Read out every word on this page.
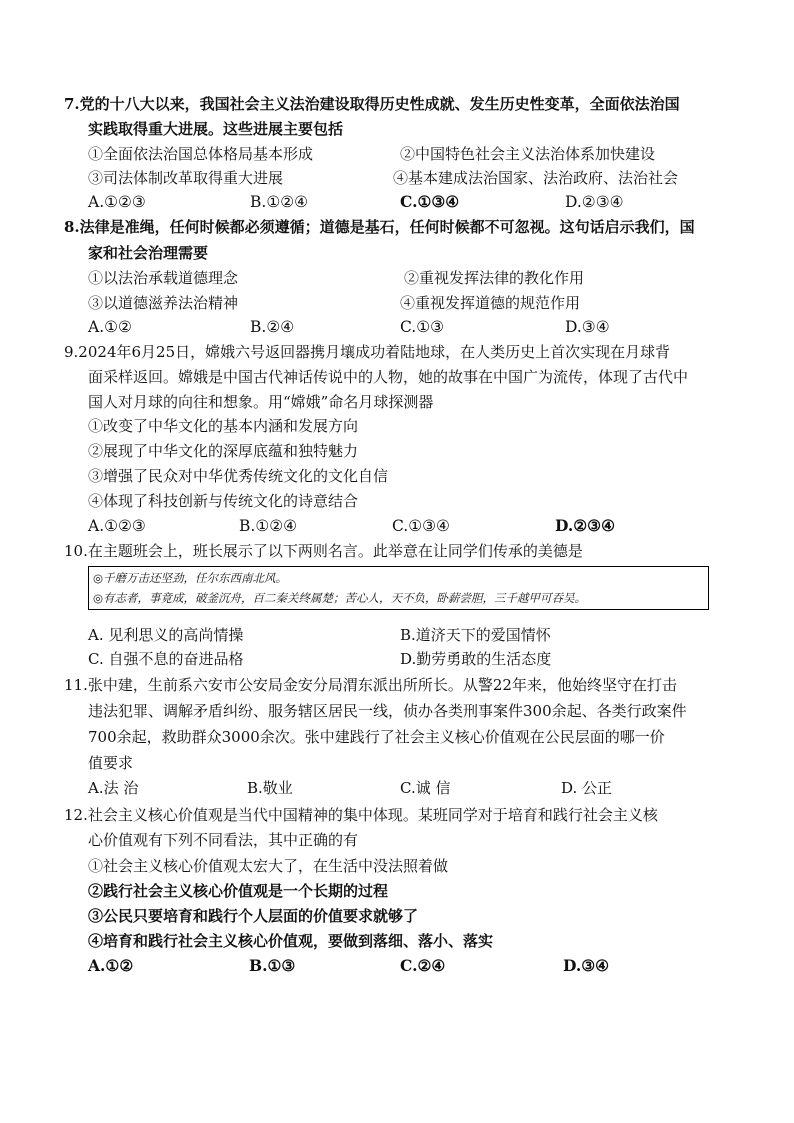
7.党的十八大以来，我国社会主义法治建设取得历史性成就、发生历史性变革，全面依法治国
实践取得重大进展。这些进展主要包括
①全面依法治国总体格局基本形成	②中国特色社会主义法治体系加快建设
③司法体制改革取得重大进展	④基本建成法治国家、法治政府、法治社会
A.①②③	B.①②④	C.①③④	D.②③④
8.法律是准绳，任何时候都必须遵循；道德是基石，任何时候都不可忽视。这句话启示我们，国
家和社会治理需要
①以法治承载道德理念	②重视发挥法律的教化作用
③以道德滋养法治精神	④重视发挥道德的规范作用
A.①②	B.②④	C.①③	D.③④
9.2024年6月25日，嫦娥六号返回器携月壤成功着陆地球，在人类历史上首次实现在月球背
面采样返回。嫦娥是中国古代神话传说中的人物，她的故事在中国广为流传，体现了古代中
国人对月球的向往和想象。用“嫦娥”命名月球探测器
①改变了中华文化的基本内涵和发展方向
②展现了中华文化的深厚底蕴和独特魅力
③增强了民众对中华优秀传统文化的文化自信
④体现了科技创新与传统文化的诗意结合
A.①②③	B.①②④	C.①③④	D.②③④
10.在主题班会上，班长展示了以下两则名言。此举意在让同学们传承的美德是
◎千磨万击还坚劲，任尔东西南北风。
◎有志者，事竟成，破釜沉舟，百二秦关终属楚；苦心人，天不负，卧薪尝胆，三千越甲可吞吴。
A. 见利思义的高尚情操	B.道济天下的爱国情怀
C. 自强不息的奋进品格	D.勤劳勇敢的生活态度
11.张中建，生前系六安市公安局金安分局渭东派出所所长。从警22年来，他始终坚守在打击
违法犯罪、调解矛盾纠纷、服务辖区居民一线，侦办各类刑事案件300余起、各类行政案件
700余起，救助群众3000余次。张中建践行了社会主义核心价值观在公民层面的哪一价
值要求
A.法 治	B.敬业	C.诚 信	D. 公正
12.社会主义核心价值观是当代中国精神的集中体现。某班同学对于培育和践行社会主义核
心价值观有下列不同看法，其中正确的有
①社会主义核心价值观太宏大了，在生活中没法照着做
②践行社会主义核心价值观是一个长期的过程
③公民只要培育和践行个人层面的价值要求就够了
④培育和践行社会主义核心价值观，要做到落细、落小、落实
A.①②	B.①③	C.②④	D.③④
